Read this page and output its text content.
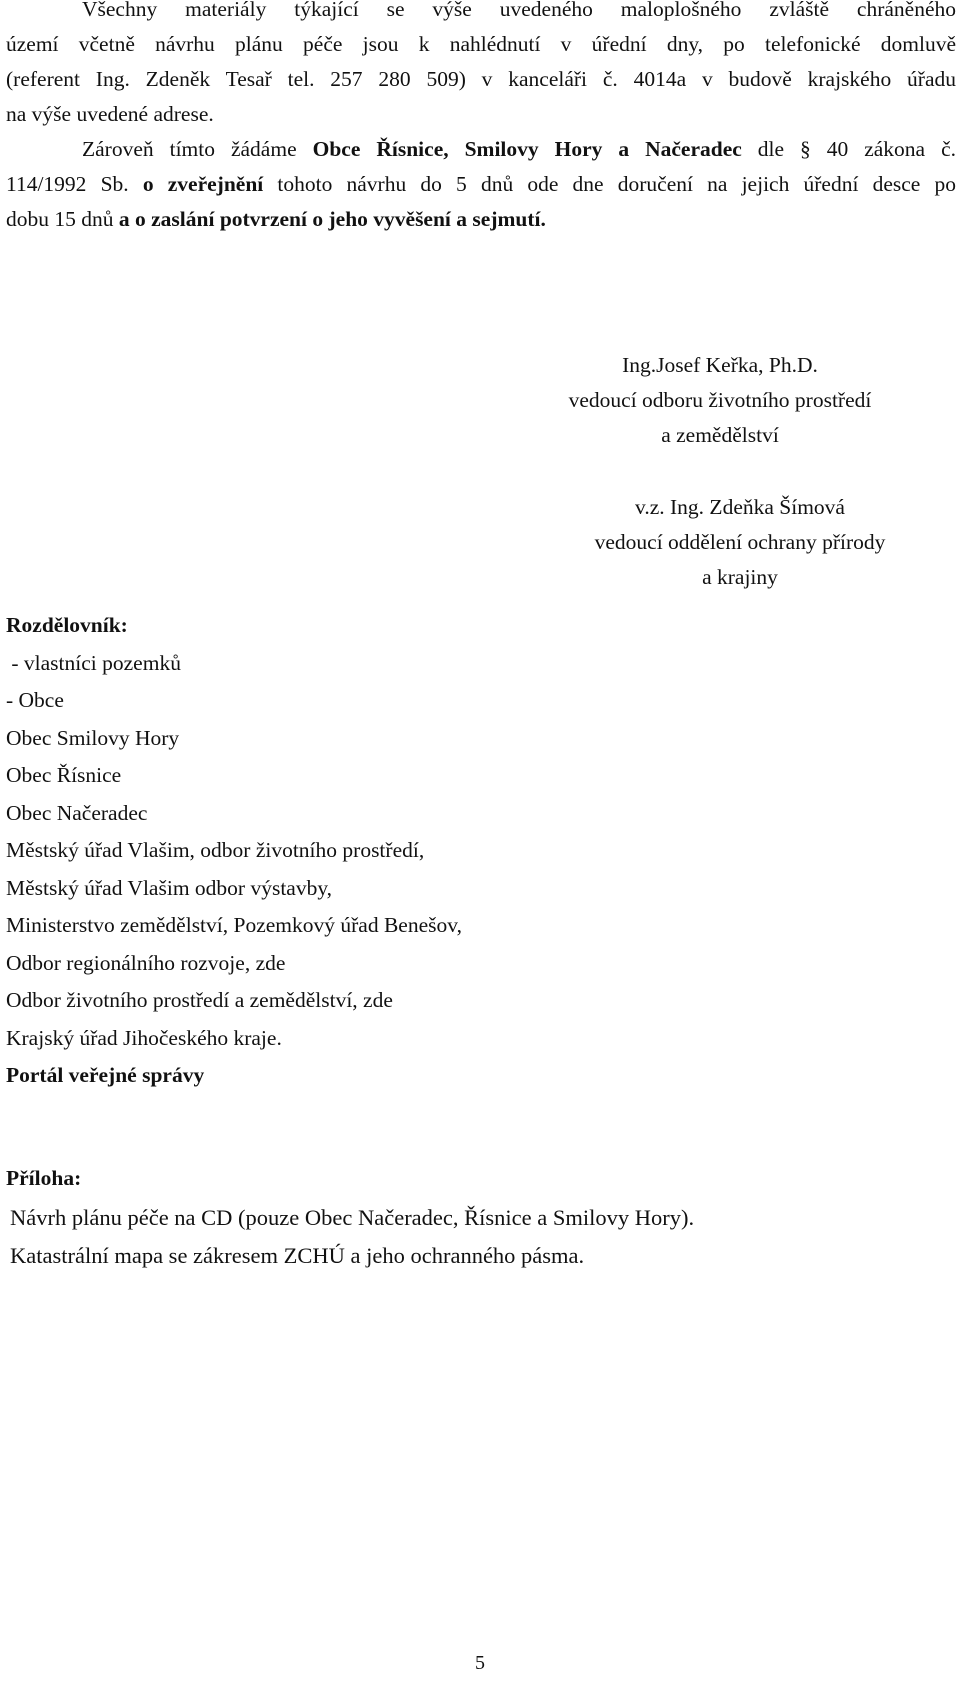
Všechny materiály týkající se výše uvedeného maloplošného zvláště chráněného
území včetně návrhu plánu péče jsou k nahlédnutí v úřední dny, po telefonické domluvě
(referent Ing. Zdeněk Tesař tel. 257 280 509) v kanceláři č. 4014a v budově krajského úřadu
na výše uvedené adrese.
Zároveň tímto žádáme Obce Řísnice, Smilovy Hory a Načeradec dle § 40 zákona č.
114/1992 Sb. o zveřejnění tohoto návrhu do 5 dnů ode dne doručení na jejich úřední desce po
dobu 15 dnů a o zaslání potvrzení o jeho vyvěšení a sejmutí.
Ing.Josef Keřka, Ph.D.
vedoucí odboru životního prostředí
a zemědělství
v.z. Ing. Zdeňka Šímová
vedoucí oddělení ochrany přírody
a krajiny
Rozdělovník:
- vlastníci pozemků
- Obce
Obec Smilovy Hory
Obec Řísnice
Obec Načeradec
Městský úřad Vlašim, odbor životního prostředí,
Městský úřad Vlašim odbor výstavby,
Ministerstvo zemědělství, Pozemkový úřad Benešov,
Odbor regionálního rozvoje, zde
Odbor životního prostředí a zemědělství, zde
Krajský úřad Jihočeského kraje.
Portál veřejné správy
Příloha:
Návrh plánu péče na CD (pouze Obec Načeradec, Řísnice a Smilovy Hory).
Katastrální mapa se zákresem ZCHÚ a jeho ochranného pásma.
5
